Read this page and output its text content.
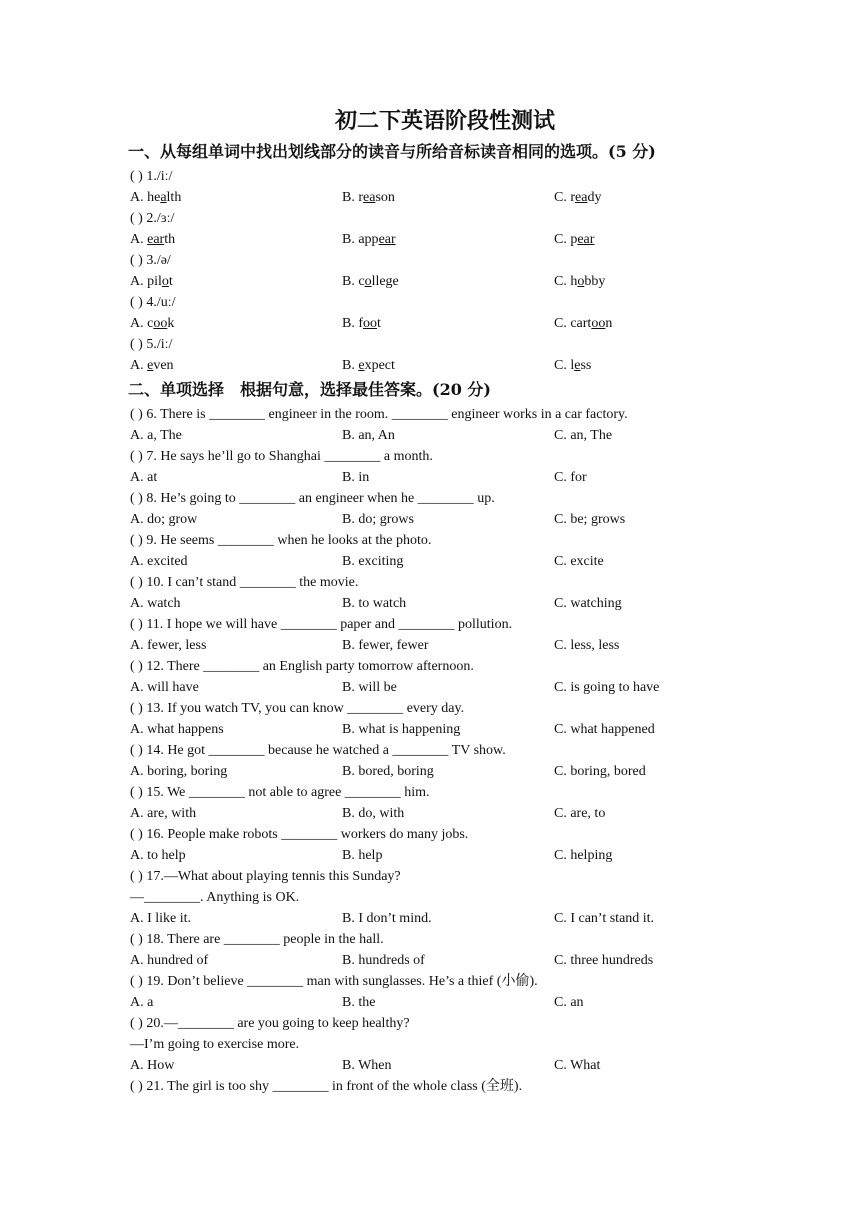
初二下英语阶段性测试
一、从每组单词中找出划线部分的读音与所给音标读音相同的选项。(5 分)
( ) 1./iː/
A. health	B. reason	C. ready
( ) 2./ɜː/
A. earth	B. appear	C. pear
( ) 3./ə/
A. pilot	B. college	C. hobby
( ) 4./uː/
A. cook	B. foot	C. cartoon
( ) 5./iː/
A. even	B. expect	C. less
二、单项选择　根据句意，选择最佳答案。(20 分)
( ) 6. There is ________ engineer in the room. ________ engineer works in a car factory.
A. a, The	B. an, An	C. an, The
( ) 7. He says he’ll go to Shanghai ________ a month.
A. at	B. in	C. for
( ) 8. He’s going to ________ an engineer when he ________ up.
A. do; grow	B. do; grows	C. be; grows
( ) 9. He seems ________ when he looks at the photo.
A. excited	B. exciting	C. excite
( ) 10. I can’t stand ________ the movie.
A. watch	B. to watch	C. watching
( ) 11. I hope we will have ________ paper and ________ pollution.
A. fewer, less	B. fewer, fewer	C. less, less
( ) 12. There ________ an English party tomorrow afternoon.
A. will have	B. will be	C. is going to have
( ) 13. If you watch TV, you can know ________ every day.
A. what happens	B. what is happening	C. what happened
( ) 14. He got ________ because he watched a ________ TV show.
A. boring, boring	B. bored, boring	C. boring, bored
( ) 15. We ________ not able to agree ________ him.
A. are, with	B. do, with	C. are, to
( ) 16. People make robots ________ workers do many jobs.
A. to help	B. help	C. helping
( ) 17.—What about playing tennis this Sunday?
—________. Anything is OK.
A. I like it.	B. I don’t mind.	C. I can’t stand it.
( ) 18. There are ________ people in the hall.
A. hundred of	B. hundreds of	C. three hundreds
( ) 19. Don’t believe ________ man with sunglasses. He’s a thief (小偷).
A. a	B. the	C. an
( ) 20.—________ are you going to keep healthy?
—I’m going to exercise more.
A. How	B. When	C. What
( ) 21. The girl is too shy ________ in front of the whole class (全班).
